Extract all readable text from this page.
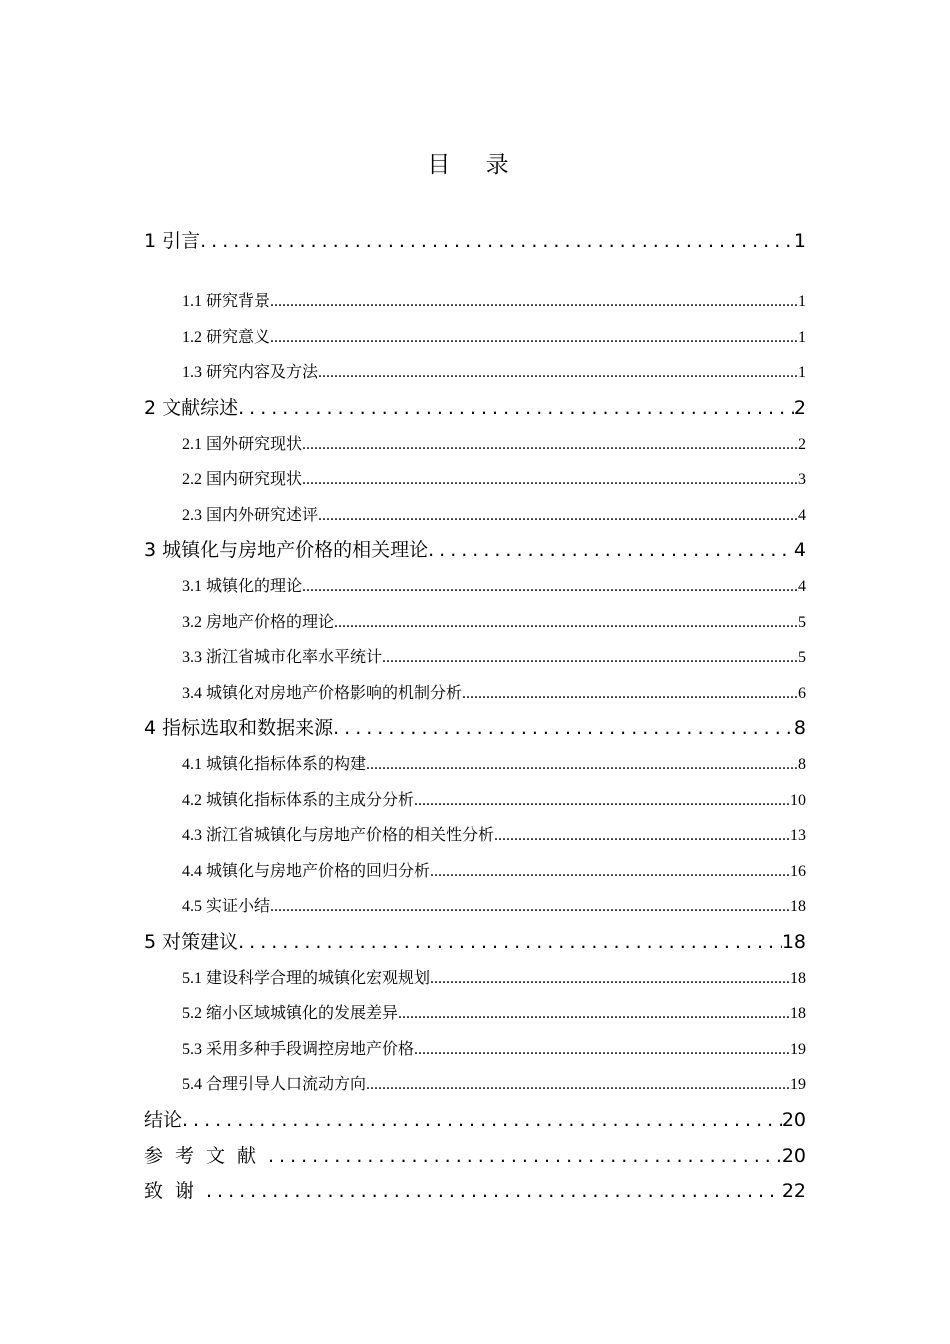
目 录
1 引言 .....	1
1.1 研究背景 .....	1
1.2 研究意义 .....	1
1.3 研究内容及方法 .....	1
2 文献综述 .....	2
2.1 国外研究现状 .....	2
2.2 国内研究现状 .....	3
2.3 国内外研究述评 .....	4
3 城镇化与房地产价格的相关理论 .....	4
3.1 城镇化的理论 .....	4
3.2 房地产价格的理论 .....	5
3.3 浙江省城市化率水平统计 .....	5
3.4 城镇化对房地产价格影响的机制分析 .....	6
4 指标选取和数据来源 .....	8
4.1 城镇化指标体系的构建 .....	8
4.2 城镇化指标体系的主成分分析 .....	10
4.3 浙江省城镇化与房地产价格的相关性分析 .....	13
4.4 城镇化与房地产价格的回归分析 .....	16
4.5 实证小结 .....	18
5 对策建议 .....	18
5.1 建设科学合理的城镇化宏观规划 .....	18
5.2 缩小区域城镇化的发展差异 .....	18
5.3 采用多种手段调控房地产价格 .....	19
5.4 合理引导人口流动方向 .....	19
结论 .....	20
参考文献 .....	20
致谢 .....	22
